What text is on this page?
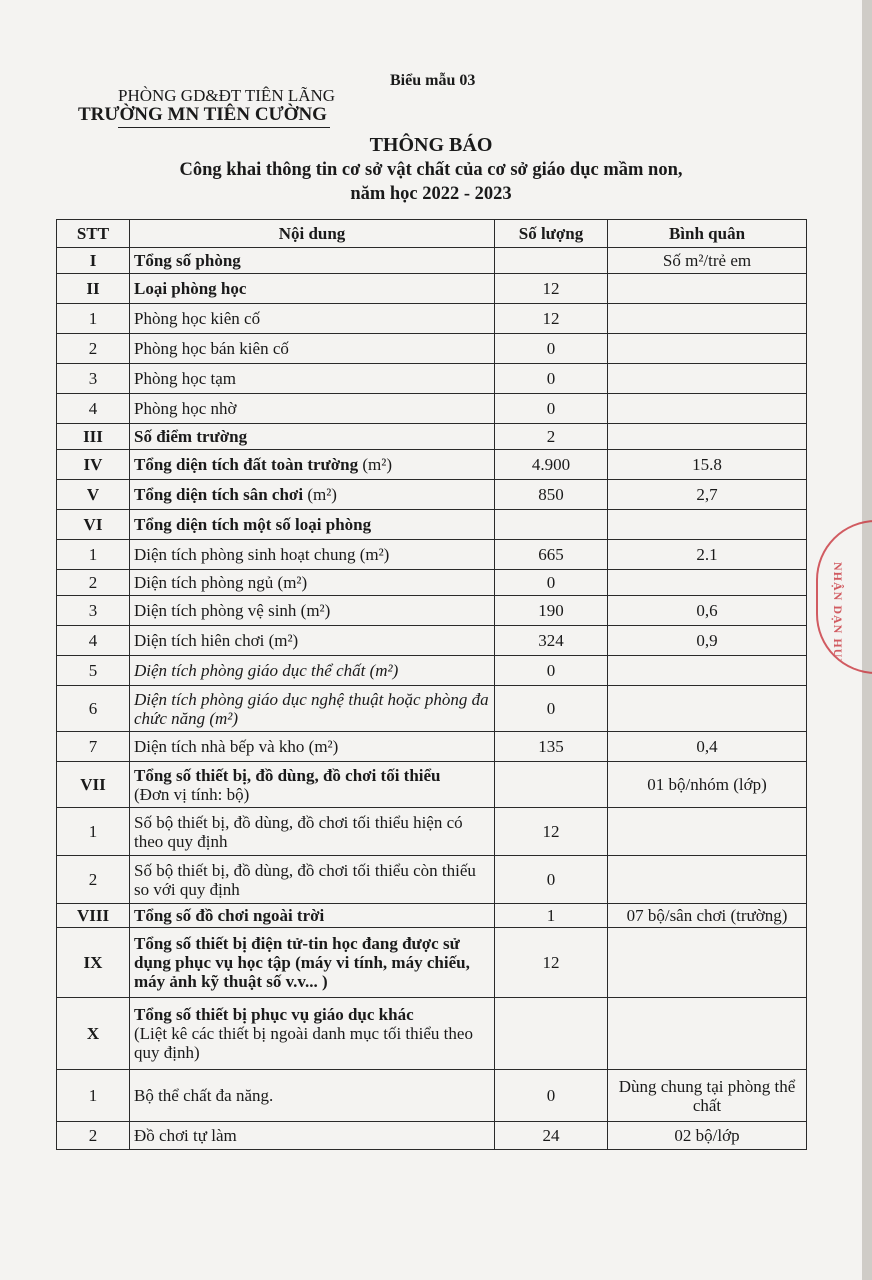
Biểu mẫu 03
PHÒNG GD&ĐT TIÊN LÃNG
TRƯỜNG MN TIÊN CƯỜNG
THÔNG BÁO
Công khai thông tin cơ sở vật chất của cơ sở giáo dục mầm non,
năm học 2022 - 2023
STT	Nội dung	Số lượng	Bình quân
I	Tổng số phòng		Số m²/trẻ em
II	Loại phòng học	12	
1	Phòng học kiên cố	12	
2	Phòng học bán kiên cố	0	
3	Phòng học tạm	0	
4	Phòng học nhờ	0	
III	Số điểm trường	2	
IV	Tổng diện tích đất toàn trường (m²)	4.900	15.8
V	Tổng diện tích sân chơi (m²)	850	2,7
VI	Tổng diện tích một số loại phòng		
1	Diện tích phòng sinh hoạt chung (m²)	665	2.1
2	Diện tích phòng ngủ (m²)	0	
3	Diện tích phòng vệ sinh (m²)	190	0,6
4	Diện tích hiên chơi (m²)	324	0,9
5	Diện tích phòng giáo dục thể chất (m²)	0	
6	Diện tích phòng giáo dục nghệ thuật hoặc phòng đa chức năng (m²)	0	
7	Diện tích nhà bếp và kho (m²)	135	0,4
VII	Tổng số thiết bị, đồ dùng, đồ chơi tối thiểu
(Đơn vị tính: bộ)		01 bộ/nhóm (lớp)
1	Số bộ thiết bị, đồ dùng, đồ chơi tối thiểu hiện có theo quy định	12	
2	Số bộ thiết bị, đồ dùng, đồ chơi tối thiểu còn thiếu so với quy định	0	
VIII	Tổng số đồ chơi ngoài trời	1	07 bộ/sân chơi (trường)
IX	Tổng số thiết bị điện tử-tin học đang được sử dụng phục vụ học tập (máy vi tính, máy chiếu, máy ảnh kỹ thuật số v.v... )	12	
X	Tổng số thiết bị phục vụ giáo dục khác
(Liệt kê các thiết bị ngoài danh mục tối thiểu theo quy định)		
1	Bộ thể chất đa năng.	0	Dùng chung tại phòng thể chất
2	Đồ chơi tự làm	24	02 bộ/lớp
NHẬN DẠN HUN
